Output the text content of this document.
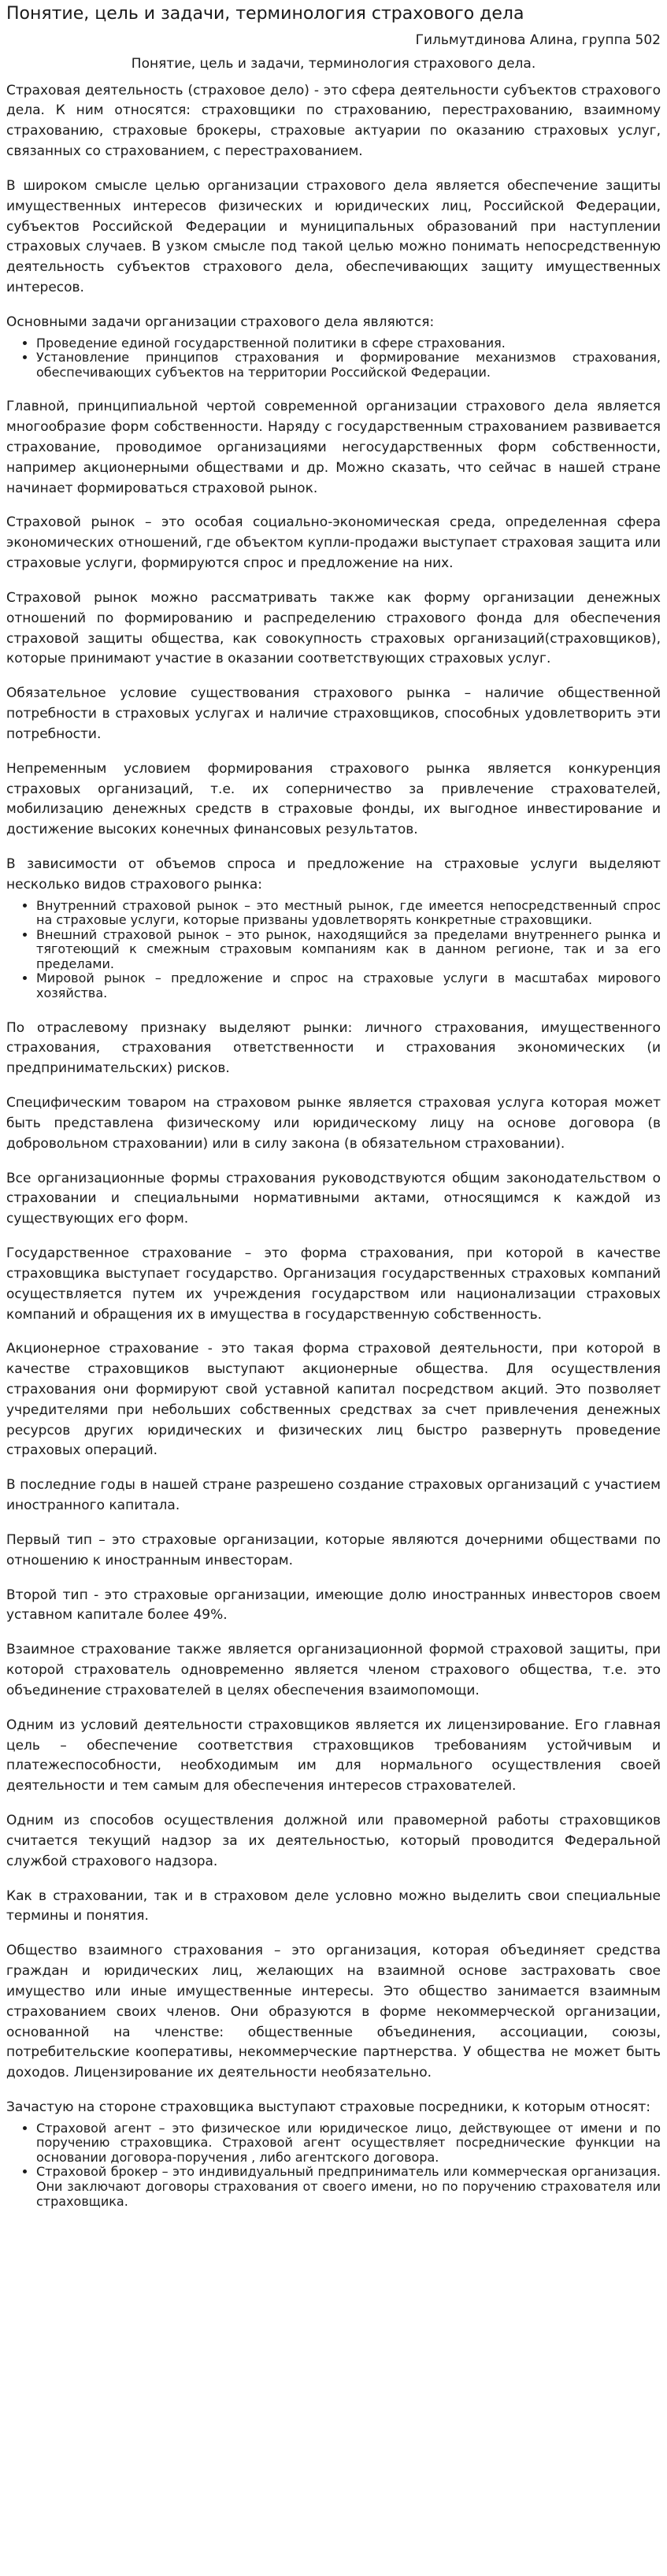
Понятие, цель и задачи, терминология страхового дела
Гильмутдинова Алина, группа 502
Понятие, цель и задачи, терминология страхового дела.

Страховая деятельность (страховое дело) - это сфера деятельности субъектов страхового дела. К ним относятся: страховщики по страхованию, перестрахованию, взаимному страхованию, страховые брокеры, страховые актуарии по оказанию страховых услуг, связанных со страхованием, с перестрахованием.

В широком смысле целью организации страхового дела является обеспечение защиты имущественных интересов физических и юридических лиц, Российской Федерации, субъектов Российской Федерации и муниципальных образований при наступлении страховых случаев. В узком смысле под такой целью можно понимать непосредственную деятельность субъектов страхового дела, обеспечивающих защиту имущественных интересов.

Основными задачи организации страхового дела являются:

• Проведение единой государственной политики в сфере страхования.
• Установление принципов страхования и формирование механизмов страхования, обеспечивающих субъектов на территории Российской Федерации.

Главной, принципиальной чертой современной организации страхового дела является многообразие форм собственности. Наряду с государственным страхованием развивается страхование, проводимое организациями негосударственных форм собственности, например акционерными обществами и др. Можно сказать, что сейчас в нашей стране начинает формироваться страховой рынок.

Страховой рынок – это особая социально-экономическая среда, определенная сфера экономических отношений, где объектом купли-продажи выступает страховая защита или страховые услуги, формируются спрос и предложение на них.

Страховой рынок можно рассматривать также как форму организации денежных отношений по формированию и распределению страхового фонда для обеспечения страховой защиты общества, как совокупность страховых организаций(страховщиков), которые принимают участие в оказании соответствующих страховых услуг.

Обязательное условие существования страхового рынка – наличие общественной потребности в страховых услугах и наличие страховщиков, способных удовлетворить эти потребности.

Непременным условием формирования страхового рынка является конкуренция страховых организаций, т.е. их соперничество за привлечение страхователей, мобилизацию денежных средств в страховые фонды, их выгодное инвестирование и достижение высоких конечных финансовых результатов.

В зависимости от объемов спроса и предложение на страховые услуги выделяют несколько видов страхового рынка:

• Внутренний страховой рынок – это местный рынок, где имеется непосредственный спрос на страховые услуги, которые призваны удовлетворять конкретные страховщики.
• Внешний страховой рынок – это рынок, находящийся за пределами внутреннего рынка и тяготеющий к смежным страховым компаниям как в данном регионе, так и за его пределами.
• Мировой рынок – предложение и спрос на страховые услуги в масштабах мирового хозяйства.

По отраслевому признаку выделяют рынки: личного страхования, имущественного страхования, страхования ответственности и страхования экономических (и предпринимательских) рисков.

Специфическим товаром на страховом рынке является страховая услуга которая может быть представлена физическому или юридическому лицу на основе договора (в добровольном страховании) или в силу закона (в обязательном страховании).

Все организационные формы страхования руководствуются общим законодательством о страховании и специальными нормативными актами, относящимся к каждой из существующих его форм.

Государственное страхование – это форма страхования, при которой в качестве страховщика выступает государство. Организация государственных страховых компаний осуществляется путем их учреждения государством или национализации страховых компаний и обращения их в имущества в государственную собственность.

Акционерное страхование - это такая форма страховой деятельности, при которой в качестве страховщиков выступают акционерные общества. Для осуществления страхования они формируют свой уставной капитал посредством акций. Это позволяет учредителями при небольших собственных средствах за счет привлечения денежных ресурсов других юридических и физических лиц быстро развернуть проведение страховых операций.

В последние годы в нашей стране разрешено создание страховых организаций с участием иностранного капитала.

Первый тип – это страховые организации, которые являются дочерними обществами по отношению к иностранным инвесторам.

Второй тип - это страховые организации, имеющие долю иностранных инвесторов своем уставном капитале более 49%.

Взаимное страхование также является организационной формой страховой защиты, при которой страхователь одновременно является членом страхового общества, т.е. это объединение страхователей в целях обеспечения взаимопомощи.

Одним из условий деятельности страховщиков является их лицензирование. Его главная цель – обеспечение соответствия страховщиков требованиям устойчивым и платежеспособности, необходимым им для нормального осуществления своей деятельности и тем самым для обеспечения интересов страхователей.

Одним из способов осуществления должной или правомерной работы страховщиков считается текущий надзор за их деятельностью, который проводится Федеральной службой страхового надзора.

Как в страховании, так и в страховом деле условно можно выделить свои специальные термины и понятия.

Общество взаимного страхования – это организация, которая объединяет средства граждан и юридических лиц, желающих на взаимной основе застраховать свое имущество или иные имущественные интересы. Это общество занимается взаимным страхованием своих членов. Они образуются в форме некоммерческой организации, основанной на членстве: общественные объединения, ассоциации, союзы, потребительские кооперативы, некоммерческие партнерства. У общества не может быть доходов. Лицензирование их деятельности необязательно.

Зачастую на стороне страховщика выступают страховые посредники, к которым относят:

• Страховой агент – это физическое или юридическое лицо, действующее от имени и по поручению страховщика. Страховой агент осуществляет посреднические функции на основании договора-поручения , либо агентского договора.
• Страховой брокер – это индивидуальный предприниматель или коммерческая организация. Они заключают договоры страхования от своего имени, но по поручению страхователя или страховщика.
